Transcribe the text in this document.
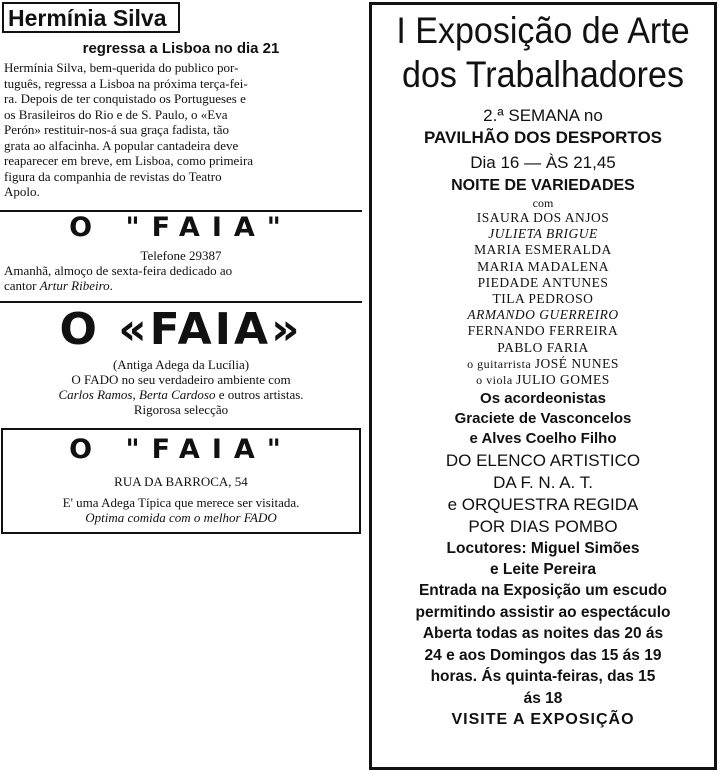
Hermínia Silva
regressa a Lisboa no dia 21
Hermínia Silva, bem-querida do publico por-
tuguês, regressa a Lisboa na próxima terça-fei-
ra. Depois de ter conquistado os Portugueses e
os Brasileiros do Rio e de S. Paulo, o «Eva
Perón» restituir-nos-á sua graça fadista, tão
grata ao alfacinha. A popular cantadeira deve
reaparecer em breve, em Lisboa, como primeira
figura da companhia de revistas do Teatro
Apolo.
O "FAIA"
Telefone 29387
Amanhã, almoço de sexta-feira dedicado ao
cantor Artur Ribeiro.
O «FAIA»
(Antiga Adega da Lucília)
O FADO no seu verdadeiro ambiente com
Carlos Ramos, Berta Cardoso e outros artistas.
Rigorosa selecção
O "FAIA"
RUA DA BARROCA, 54
E' uma Adega Típica que merece ser visitada.
Optima comida com o melhor FADO
I Exposição de Arte
dos Trabalhadores
2.ª SEMANA no
PAVILHÃO DOS DESPORTOS
Dia 16 — ÀS 21,45
NOITE DE VARIEDADES
com
ISAURA DOS ANJOS
JULIETA BRIGUE
MARIA ESMERALDA
MARIA MADALENA
PIEDADE ANTUNES
TILA PEDROSO
ARMANDO GUERREIRO
FERNANDO FERREIRA
PABLO FARIA
o guitarrista JOSÉ NUNES
o viola JULIO GOMES
Os acordeonistas
Graciete de Vasconcelos
e Alves Coelho Filho
DO ELENCO ARTISTICO
DA F. N. A. T.
e ORQUESTRA REGIDA
POR DIAS POMBO
Locutores: Miguel Simões
e Leite Pereira
Entrada na Exposição um escudo
permitindo assistir ao espectáculo
Aberta todas as noites das 20 ás
24 e aos Domingos das 15 ás 19
horas. Ás quinta-feiras, das 15
ás 18
VISITE A EXPOSIÇÃO
